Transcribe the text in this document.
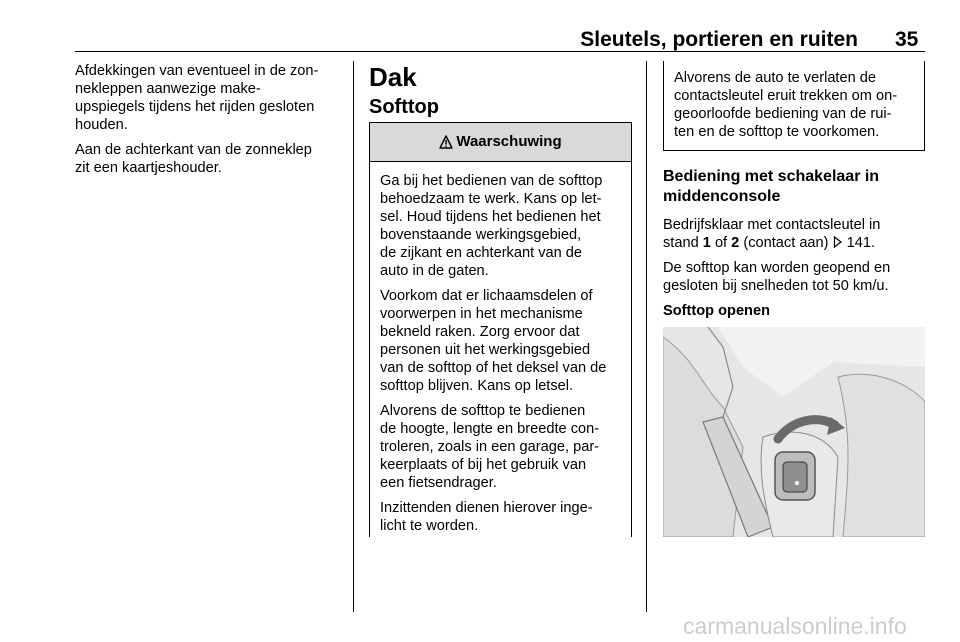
Sleutels, portieren en ruiten 35

Afdekkingen van eventueel in de zon-
nekleppen aanwezige make-
upspiegels tijdens het rijden gesloten
houden.

Aan de achterkant van de zonneklep
zit een kaartjeshouder.

Dak
Softtop
Waarschuwing

Ga bij het bedienen van de softtop
behoedzaam te werk. Kans op let-
sel. Houd tijdens het bedienen het
bovenstaande werkingsgebied,
de zijkant en achterkant van de
auto in de gaten.

Voorkom dat er lichaamsdelen of
voorwerpen in het mechanisme
bekneld raken. Zorg ervoor dat
personen uit het werkingsgebied
van de softtop of het deksel van de
softtop blijven. Kans op letsel.

Alvorens de softtop te bedienen
de hoogte, lengte en breedte con-
troleren, zoals in een garage, par-
keerplaats of bij het gebruik van
een fietsendrager.

Inzittenden dienen hierover inge-
licht te worden.

Alvorens de auto te verlaten de
contactsleutel eruit trekken om on-
geoorloofde bediening van de rui-
ten en de softtop te voorkomen.

Bediening met schakelaar in
middenconsole

Bedrijfsklaar met contactsleutel in
stand 1 of 2 (contact aan)  141.

De softtop kan worden geopend en
gesloten bij snelheden tot 50 km/u.

Softtop openen

carmanualsonline.info
